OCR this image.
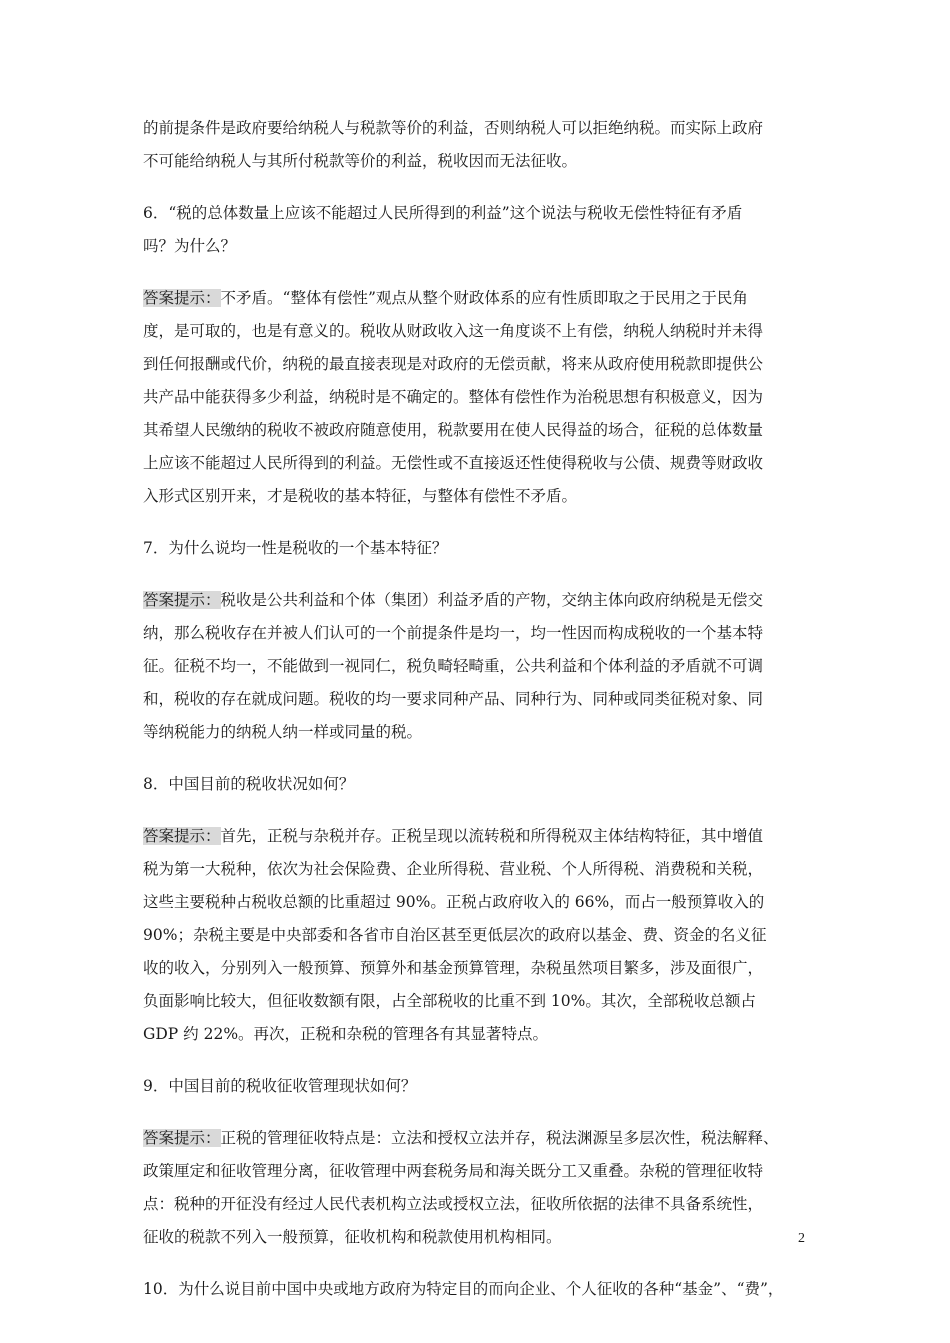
的前提条件是政府要给纳税人与税款等价的利益，否则纳税人可以拒绝纳税。而实际上政府
不可能给纳税人与其所付税款等价的利益，税收因而无法征收。
6．“税的总体数量上应该不能超过人民所得到的利益”这个说法与税收无偿性特征有矛盾
吗？为什么？
答案提示：不矛盾。“整体有偿性”观点从整个财政体系的应有性质即取之于民用之于民角
度，是可取的，也是有意义的。税收从财政收入这一角度谈不上有偿，纳税人纳税时并未得
到任何报酬或代价，纳税的最直接表现是对政府的无偿贡献，将来从政府使用税款即提供公
共产品中能获得多少利益，纳税时是不确定的。整体有偿性作为治税思想有积极意义，因为
其希望人民缴纳的税收不被政府随意使用，税款要用在使人民得益的场合，征税的总体数量
上应该不能超过人民所得到的利益。无偿性或不直接返还性使得税收与公债、规费等财政收
入形式区别开来，才是税收的基本特征，与整体有偿性不矛盾。
7．为什么说均一性是税收的一个基本特征？
答案提示：税收是公共利益和个体（集团）利益矛盾的产物，交纳主体向政府纳税是无偿交
纳，那么税收存在并被人们认可的一个前提条件是均一，均一性因而构成税收的一个基本特
征。征税不均一，不能做到一视同仁，税负畸轻畸重，公共利益和个体利益的矛盾就不可调
和，税收的存在就成问题。税收的均一要求同种产品、同种行为、同种或同类征税对象、同
等纳税能力的纳税人纳一样或同量的税。
8．中国目前的税收状况如何？
答案提示：首先，正税与杂税并存。正税呈现以流转税和所得税双主体结构特征，其中增值
税为第一大税种，依次为社会保险费、企业所得税、营业税、个人所得税、消费税和关税，
这些主要税种占税收总额的比重超过 90%。正税占政府收入的 66%，而占一般预算收入的
90%；杂税主要是中央部委和各省市自治区甚至更低层次的政府以基金、费、资金的名义征
收的收入，分别列入一般预算、预算外和基金预算管理，杂税虽然项目繁多，涉及面很广，
负面影响比较大，但征收数额有限，占全部税收的比重不到 10%。其次，全部税收总额占
GDP 约 22%。再次，正税和杂税的管理各有其显著特点。
9．中国目前的税收征收管理现状如何？
答案提示：正税的管理征收特点是：立法和授权立法并存，税法渊源呈多层次性，税法解释、
政策厘定和征收管理分离，征收管理中两套税务局和海关既分工又重叠。杂税的管理征收特
点：税种的开征没有经过人民代表机构立法或授权立法，征收所依据的法律不具备系统性，
征收的税款不列入一般预算，征收机构和税款使用机构相同。
10．为什么说目前中国中央或地方政府为特定目的而向企业、个人征收的各种“基金”、“费”，
2
